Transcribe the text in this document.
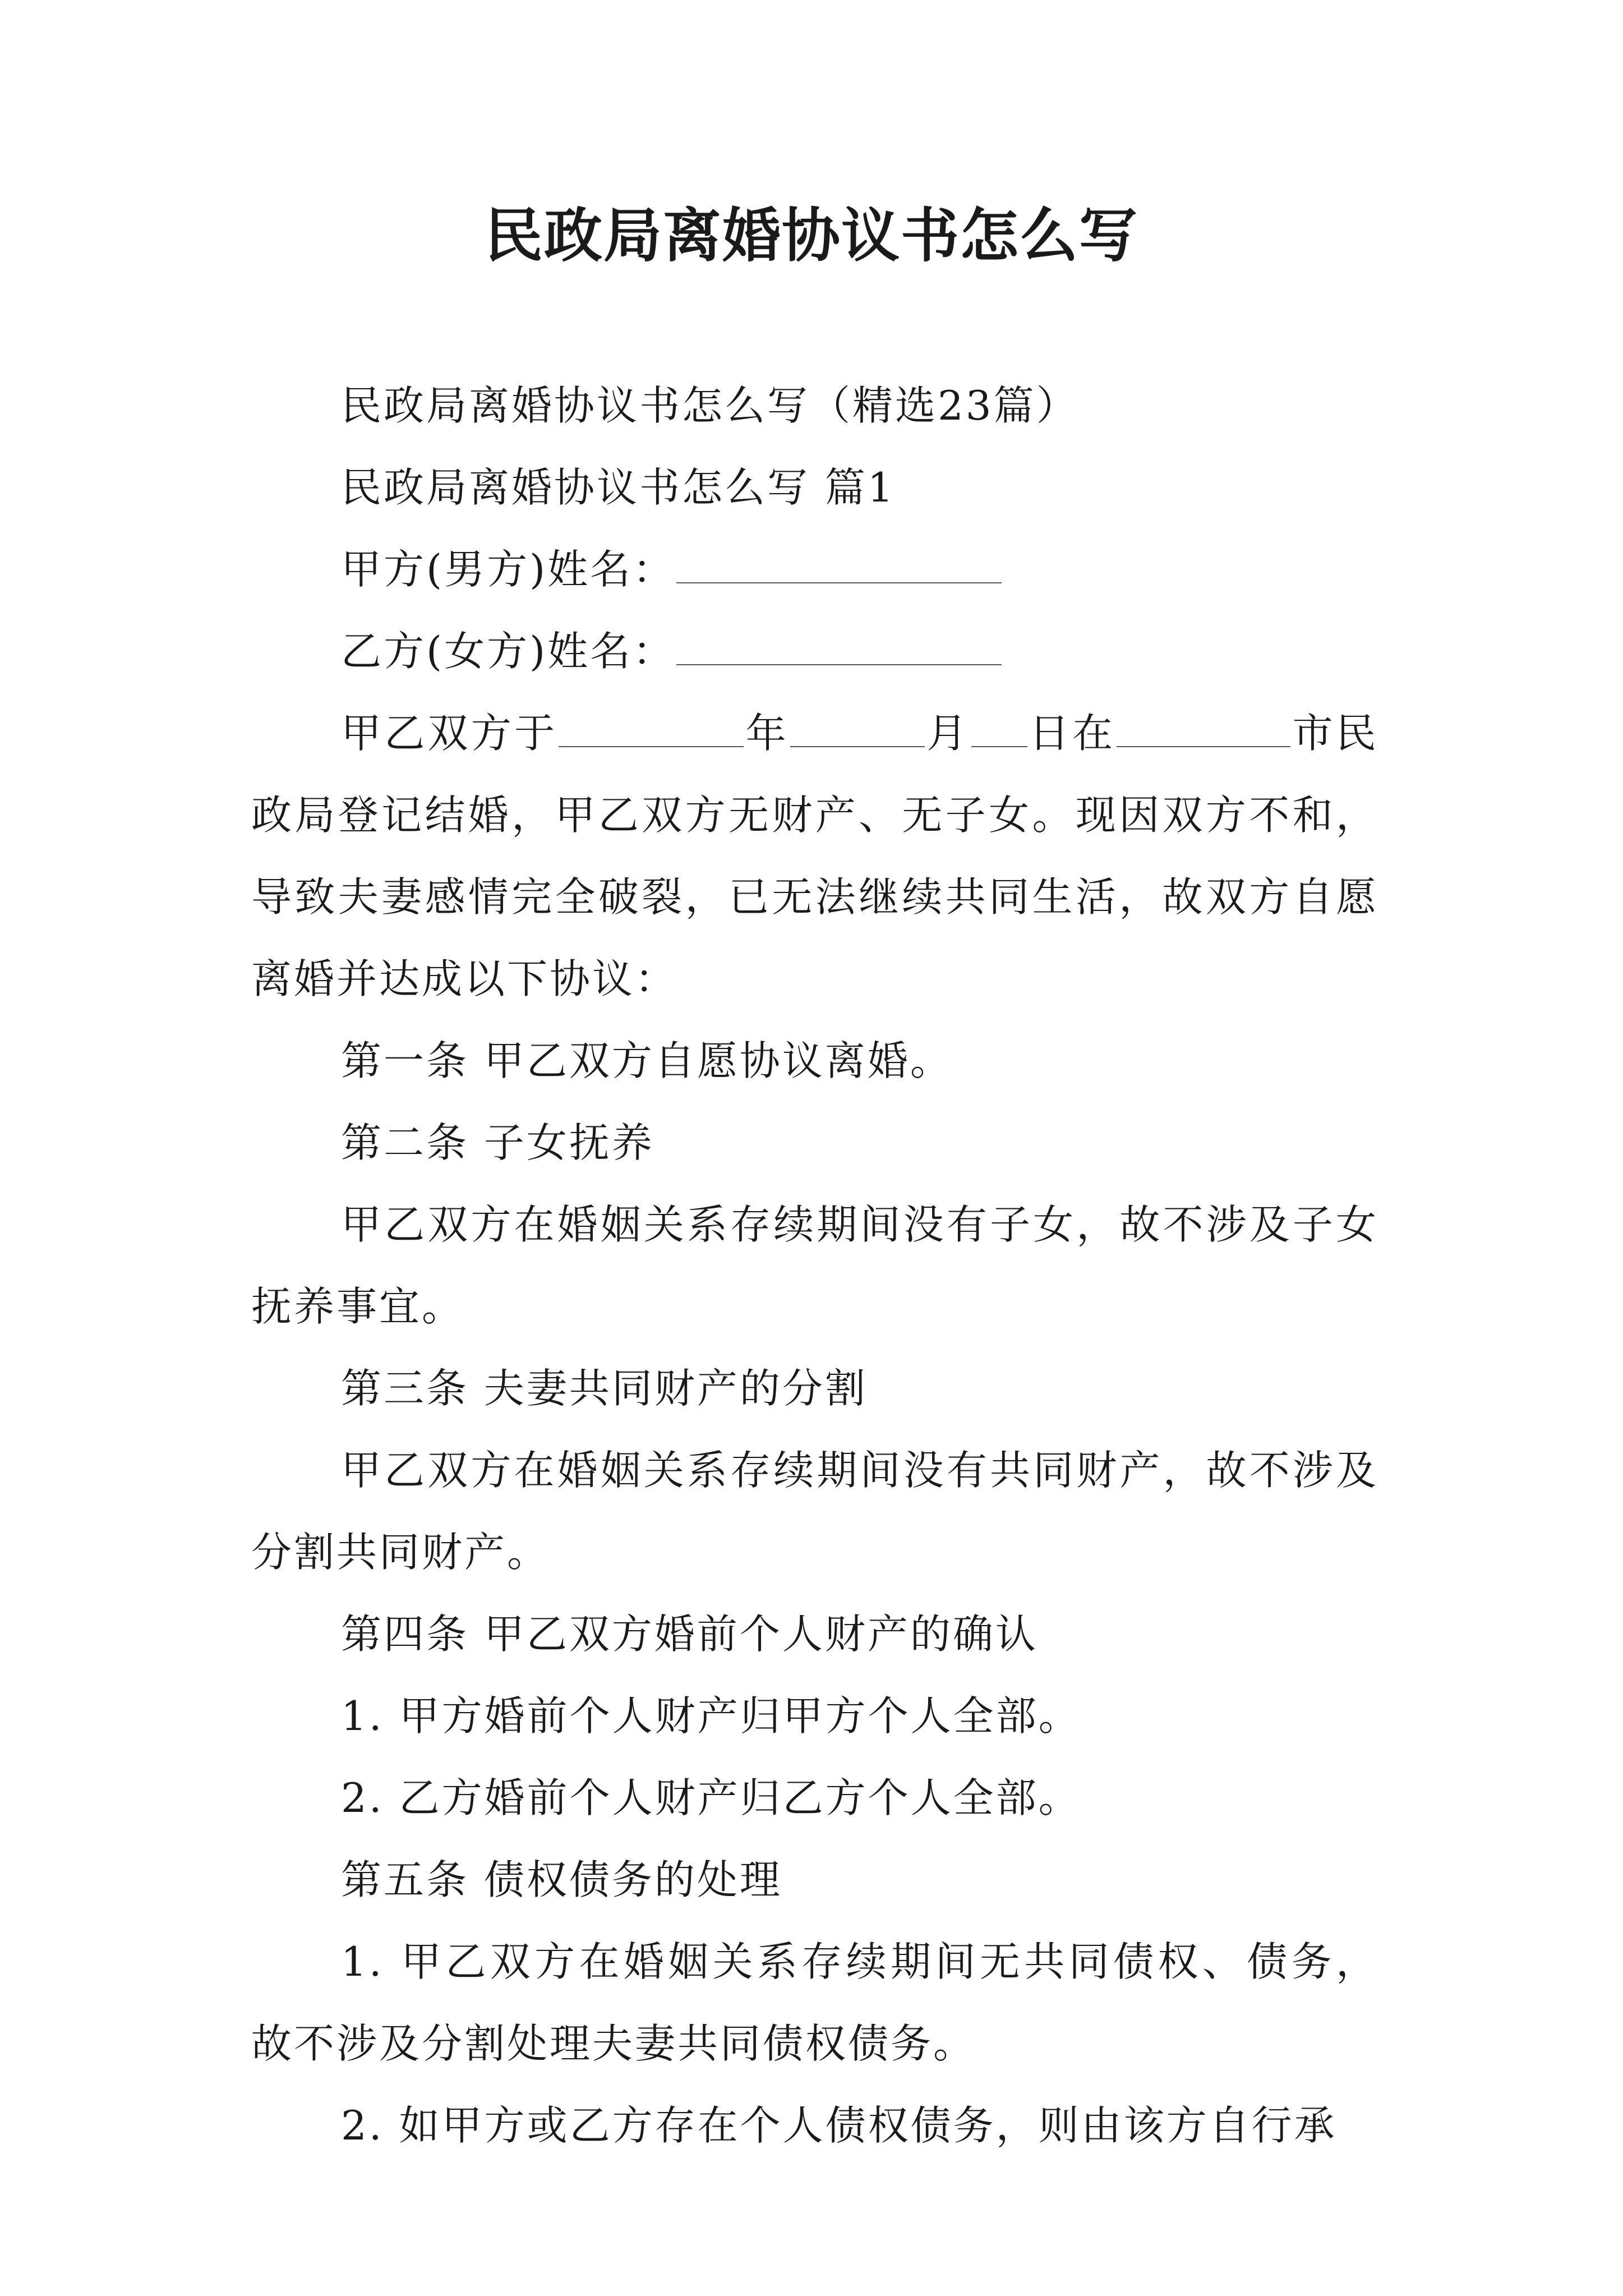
民政局离婚协议书怎么写

民政局离婚协议书怎么写（精选23篇）

民政局离婚协议书怎么写 篇1

甲方(男方)姓名：

乙方(女方)姓名：

甲乙双方于	年	月 日在	市民政局登记结婚，甲乙双方无财产、无子女。现因双方不和，导致夫妻感情完全破裂，已无法继续共同生活，故双方自愿离婚并达成以下协议：

第一条 甲乙双方自愿协议离婚。

第二条 子女抚养

甲乙双方在婚姻关系存续期间没有子女，故不涉及子女抚养事宜。

第三条 夫妻共同财产的分割

甲乙双方在婚姻关系存续期间没有共同财产，故不涉及分割共同财产。

第四条 甲乙双方婚前个人财产的确认

1. 甲方婚前个人财产归甲方个人全部。

2. 乙方婚前个人财产归乙方个人全部。

第五条 债权债务的处理

1. 甲乙双方在婚姻关系存续期间无共同债权、债务，故不涉及分割处理夫妻共同债权债务。

2. 如甲方或乙方存在个人债权债务，则由该方自行承
